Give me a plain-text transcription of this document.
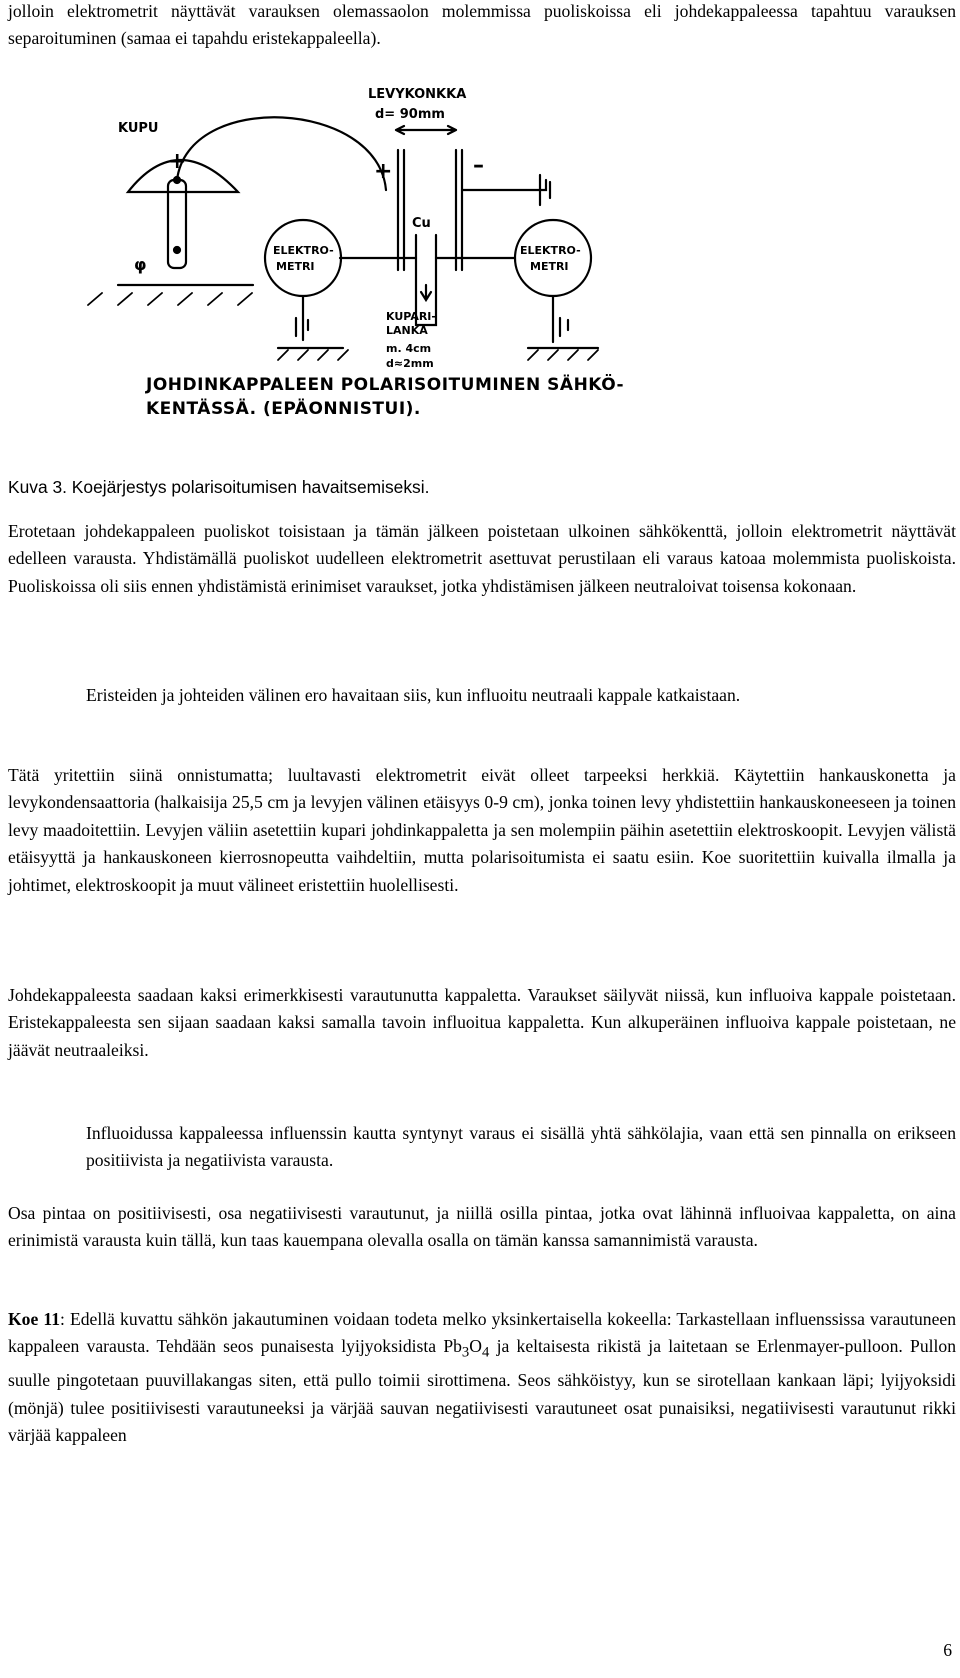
jolloin elektrometrit näyttävät varauksen olemassaolon molemmissa puoliskoissa eli johdekappaleessa tapahtuu varauksen separoituminen (samaa ei tapahdu eristekappaleella).

LEVYKONKKA
d= 90mm
KUPU
+
φ
+	–
Cu
ELEKTRO-
METRI
ELEKTRO-
METRI
KUPARI-
LANKA
m. 4cm
d≈2mm
JOHDINKAPPALEEN POLARISOITUMINEN SÄHKÖ-
KENTÄSSÄ. (EPÄONNISTUI).
Kuva 3. Koejärjestys polarisoitumisen havaitsemiseksi.

Erotetaan johdekappaleen puoliskot toisistaan ja tämän jälkeen poistetaan ulkoinen sähkökenttä, jolloin elektrometrit näyttävät edelleen varausta. Yhdistämällä puoliskot uudelleen elektrometrit asettuvat perustilaan eli varaus katoaa molemmista puoliskoista. Puoliskoissa oli siis ennen yhdistämistä erinimiset varaukset, jotka yhdistämisen jälkeen neutraloivat toisensa kokonaan.

Eristeiden ja johteiden välinen ero havaitaan siis, kun influoitu neutraali kappale katkaistaan.

Tätä yritettiin siinä onnistumatta; luultavasti elektrometrit eivät olleet tarpeeksi herkkiä. Käytettiin hankauskonetta ja levykondensaattoria (halkaisija 25,5 cm ja levyjen välinen etäisyys 0-9 cm), jonka toinen levy yhdistettiin hankauskoneeseen ja toinen levy maadoitettiin. Levyjen väliin asetettiin kupari johdinkappaletta ja sen molempiin päihin asetettiin elektroskoopit. Levyjen välistä etäisyyttä ja hankauskoneen kierrosnopeutta vaihdeltiin, mutta polarisoitumista ei saatu esiin. Koe suoritettiin kuivalla ilmalla ja johtimet, elektroskoopit ja muut välineet eristettiin huolellisesti.

Johdekappaleesta saadaan kaksi erimerkkisesti varautunutta kappaletta. Varaukset säilyvät niissä, kun influoiva kappale poistetaan. Eristekappaleesta sen sijaan saadaan kaksi samalla tavoin influoitua kappaletta. Kun alkuperäinen influoiva kappale poistetaan, ne jäävät neutraaleiksi.

Influoidussa kappaleessa influenssin kautta syntynyt varaus ei sisällä yhtä sähkölajia, vaan että sen pinnalla on erikseen positiivista ja negatiivista varausta.

Osa pintaa on positiivisesti, osa negatiivisesti varautunut, ja niillä osilla pintaa, jotka ovat lähinnä influoivaa kappaletta, on aina erinimistä varausta kuin tällä, kun taas kauempana olevalla osalla on tämän kanssa samannimistä varausta.

Koe 11: Edellä kuvattu sähkön jakautuminen voidaan todeta melko yksinkertaisella kokeella: Tarkastellaan influenssissa varautuneen kappaleen varausta. Tehdään seos punaisesta lyijyoksidista $Pb_3O_4$ ja keltaisesta rikistä ja laitetaan se Erlenmayer-pulloon. Pullon suulle pingotetaan puuvillakangas siten, että pullo toimii sirottimena. Seos sähköistyy, kun se sirotellaan kankaan läpi; lyijyoksidi (mönjä) tulee positiivisesti varautuneeksi ja värjää sauvan negatiivisesti varautuneet osat punaisiksi, negatiivisesti varautunut rikki värjää kappaleen

6
